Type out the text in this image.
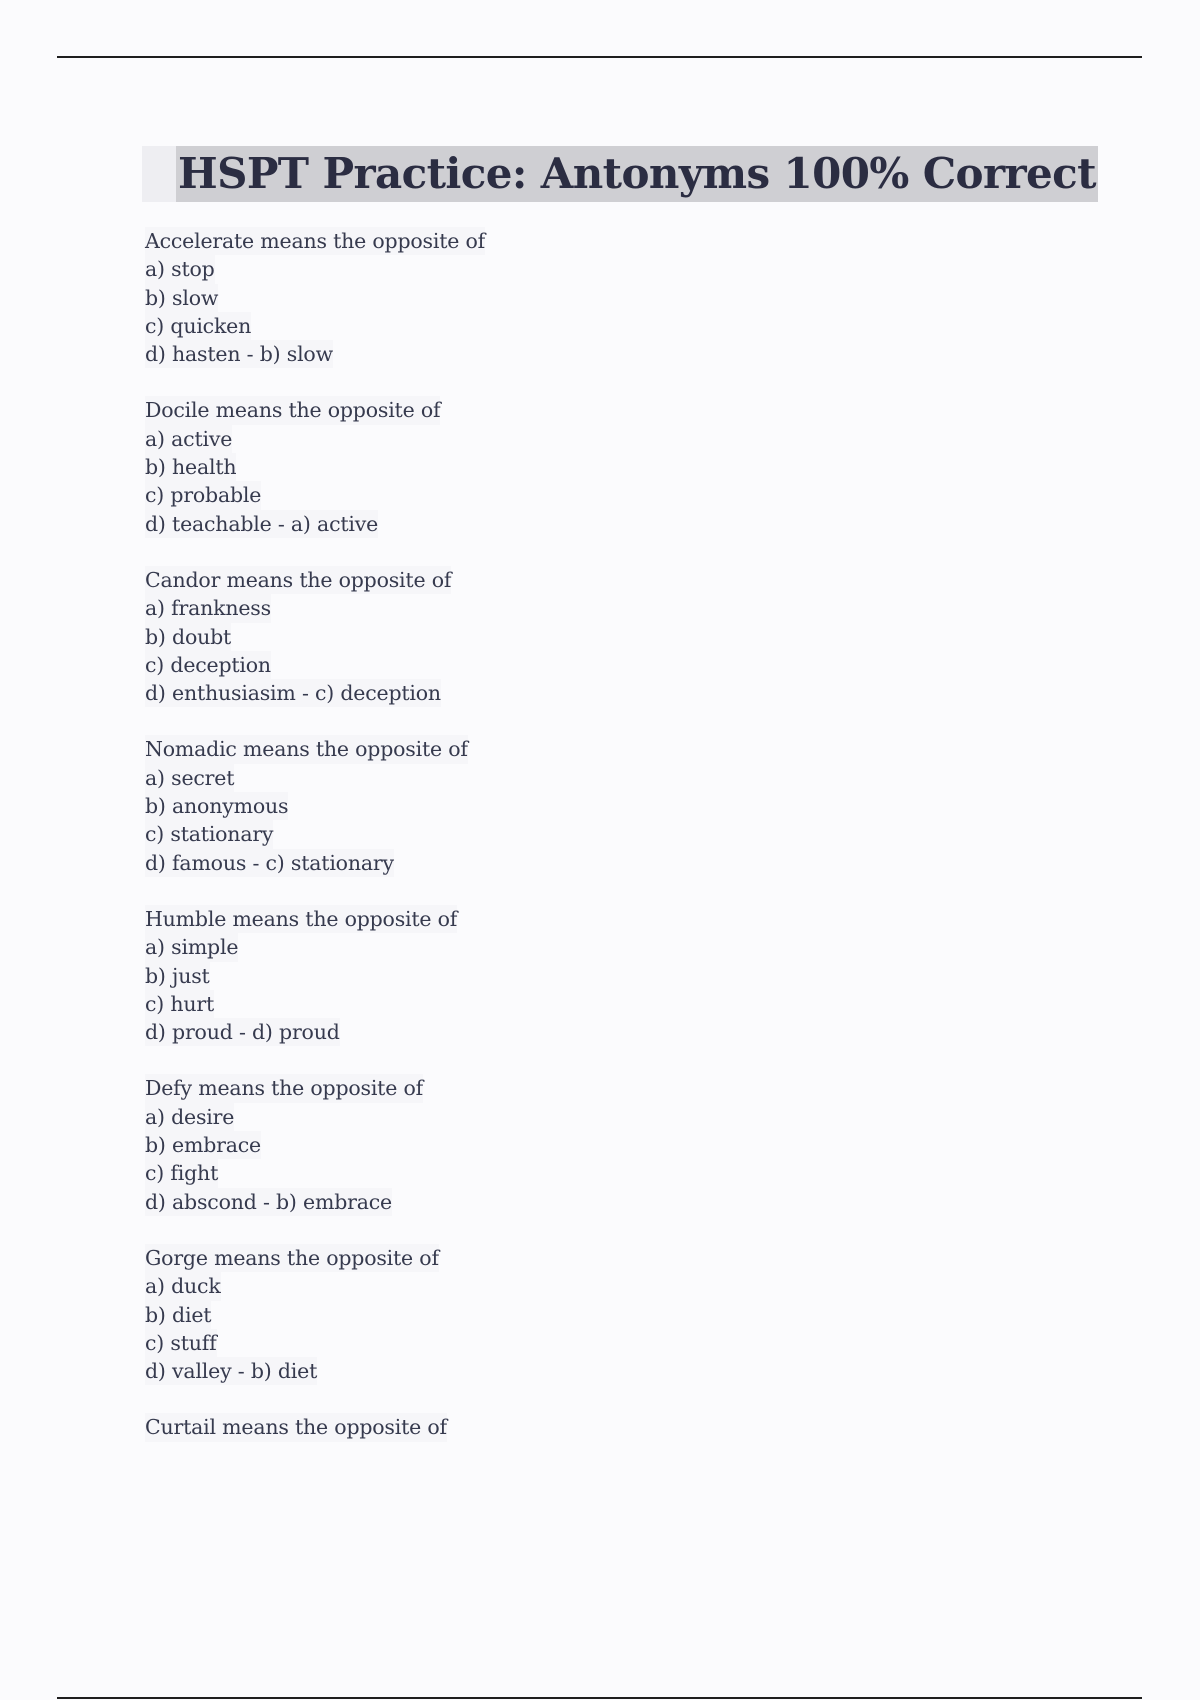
HSPT Practice: Antonyms 100% Correct
Accelerate means the opposite of
a) stop
b) slow
c) quicken
d) hasten - b) slow
Docile means the opposite of
a) active
b) health
c) probable
d) teachable - a) active
Candor means the opposite of
a) frankness
b) doubt
c) deception
d) enthusiasim - c) deception
Nomadic means the opposite of
a) secret
b) anonymous
c) stationary
d) famous - c) stationary
Humble means the opposite of
a) simple
b) just
c) hurt
d) proud - d) proud
Defy means the opposite of
a) desire
b) embrace
c) fight
d) abscond - b) embrace
Gorge means the opposite of
a) duck
b) diet
c) stuff
d) valley - b) diet
Curtail means the opposite of
